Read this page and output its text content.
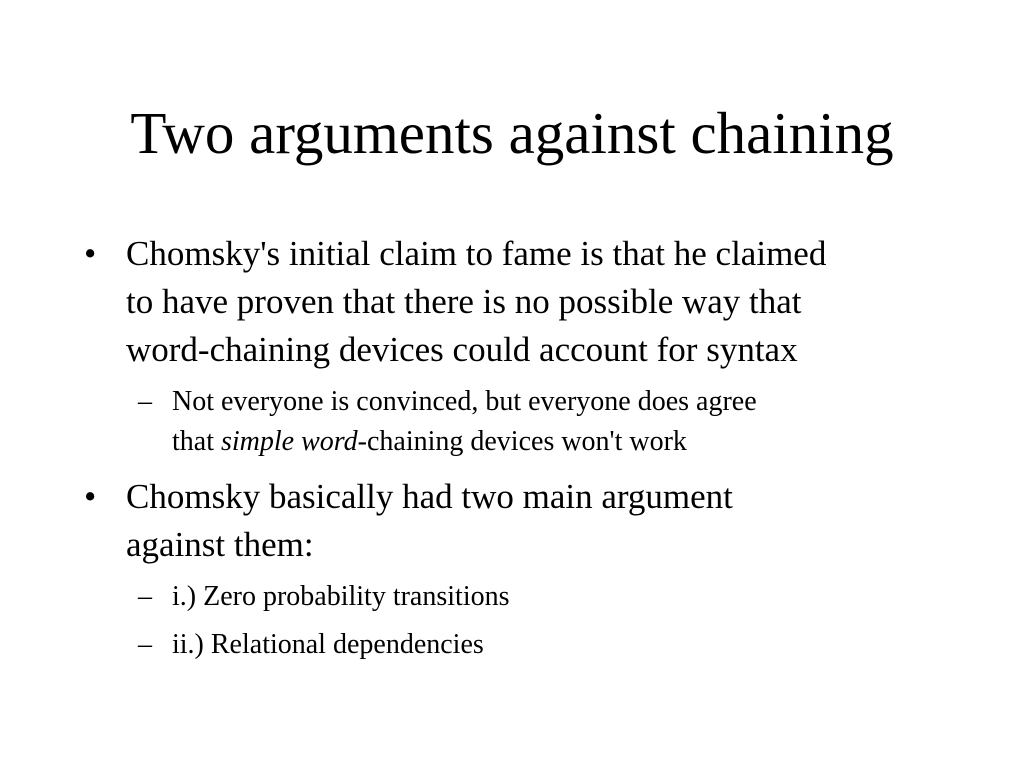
Two arguments against chaining
• Chomsky's initial claim to fame is that he claimed
to have proven that there is no possible way that
word-chaining devices could account for syntax
– Not everyone is convinced, but everyone does agree
that simple word-chaining devices won't work
• Chomsky basically had two main argument
against them:
– i.) Zero probability transitions
– ii.) Relational dependencies
